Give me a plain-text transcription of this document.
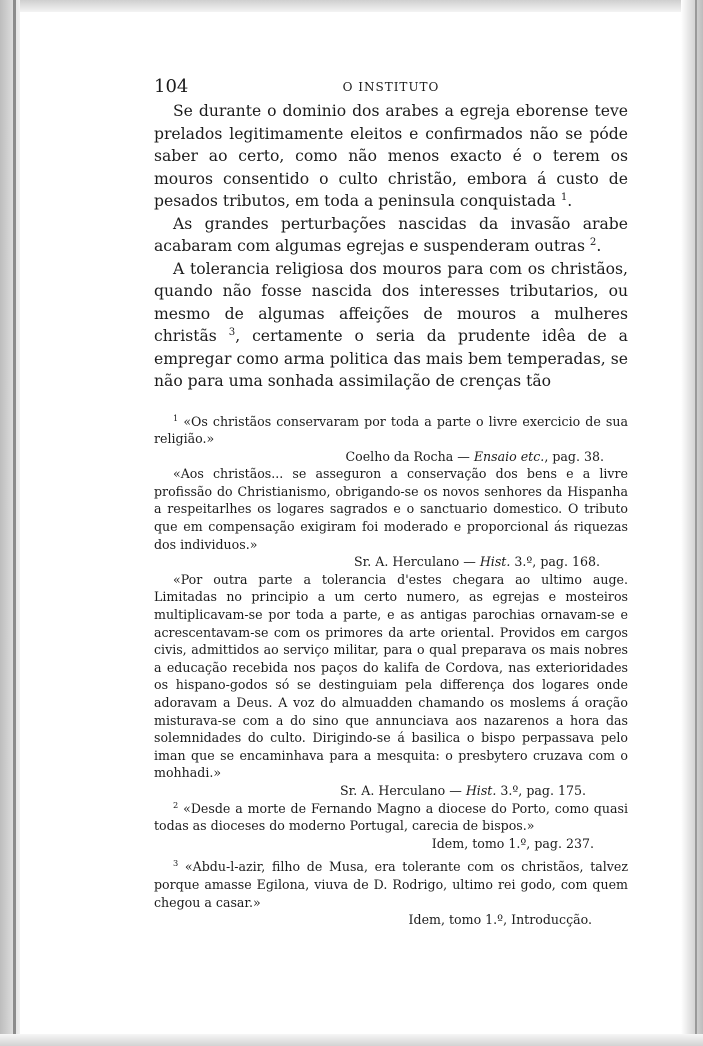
104	O INSTITUTO

Se durante o dominio dos arabes a egreja eborense teve prelados legitimamente eleitos e confirmados não se póde saber ao certo, como não menos exacto é o terem os mouros consentido o culto christão, embora á custo de pesados tributos, em toda a peninsula conquistada $^1$.

As grandes perturbações nascidas da invasão arabe acabaram com algumas egrejas e suspenderam outras $^2$.

A tolerancia religiosa dos mouros para com os christãos, quando não fosse nascida dos interesses tributarios, ou mesmo de algumas affeições de mouros a mulheres christãs $^3$, certamente o seria da prudente idêa de a empregar como arma politica das mais bem temperadas, se não para uma sonhada assimilação de crenças tão

$^1$ «Os christãos conservaram por toda a parte o livre exercicio de sua religião.»

Coelho da Rocha — Ensaio etc., pag. 38.

«Aos christãos... se asseguron a conservação dos bens e a livre profissão do Christianismo, obrigando-se os novos senhores da Hispanha a respeitarlhes os logares sagrados e o sanctuario domestico. O tributo que em compensação exigiram foi moderado e proporcional ás riquezas dos individuos.»

Sr. A. Herculano — Hist. 3.º, pag. 168.

«Por outra parte a tolerancia d'estes chegara ao ultimo auge. Limitadas no principio a um certo numero, as egrejas e mosteiros multiplicavam-se por toda a parte, e as antigas parochias ornavam-se e acrescentavam-se com os primores da arte oriental. Providos em cargos civis, admittidos ao serviço militar, para o qual preparava os mais nobres a educação recebida nos paços do kalifa de Cordova, nas exterioridades os hispano-godos só se destinguiam pela differença dos logares onde adoravam a Deus. A voz do almuadden chamando os moslems á oração misturava-se com a do sino que annunciava aos nazarenos a hora das solemnidades do culto. Dirigindo-se á basilica o bispo perpassava pelo iman que se encaminhava para a mesquita: o presbytero cruzava com o mohhadi.»

Sr. A. Herculano — Hist. 3.º, pag. 175.

$^2$ «Desde a morte de Fernando Magno a diocese do Porto, como quasi todas as dioceses do moderno Portugal, carecia de bispos.»

Idem, tomo 1.º, pag. 237.

$^3$ «Abdu-l-azir, filho de Musa, era tolerante com os christãos, talvez porque amasse Egilona, viuva de D. Rodrigo, ultimo rei godo, com quem chegou a casar.»

Idem, tomo 1.º, Introducção.
